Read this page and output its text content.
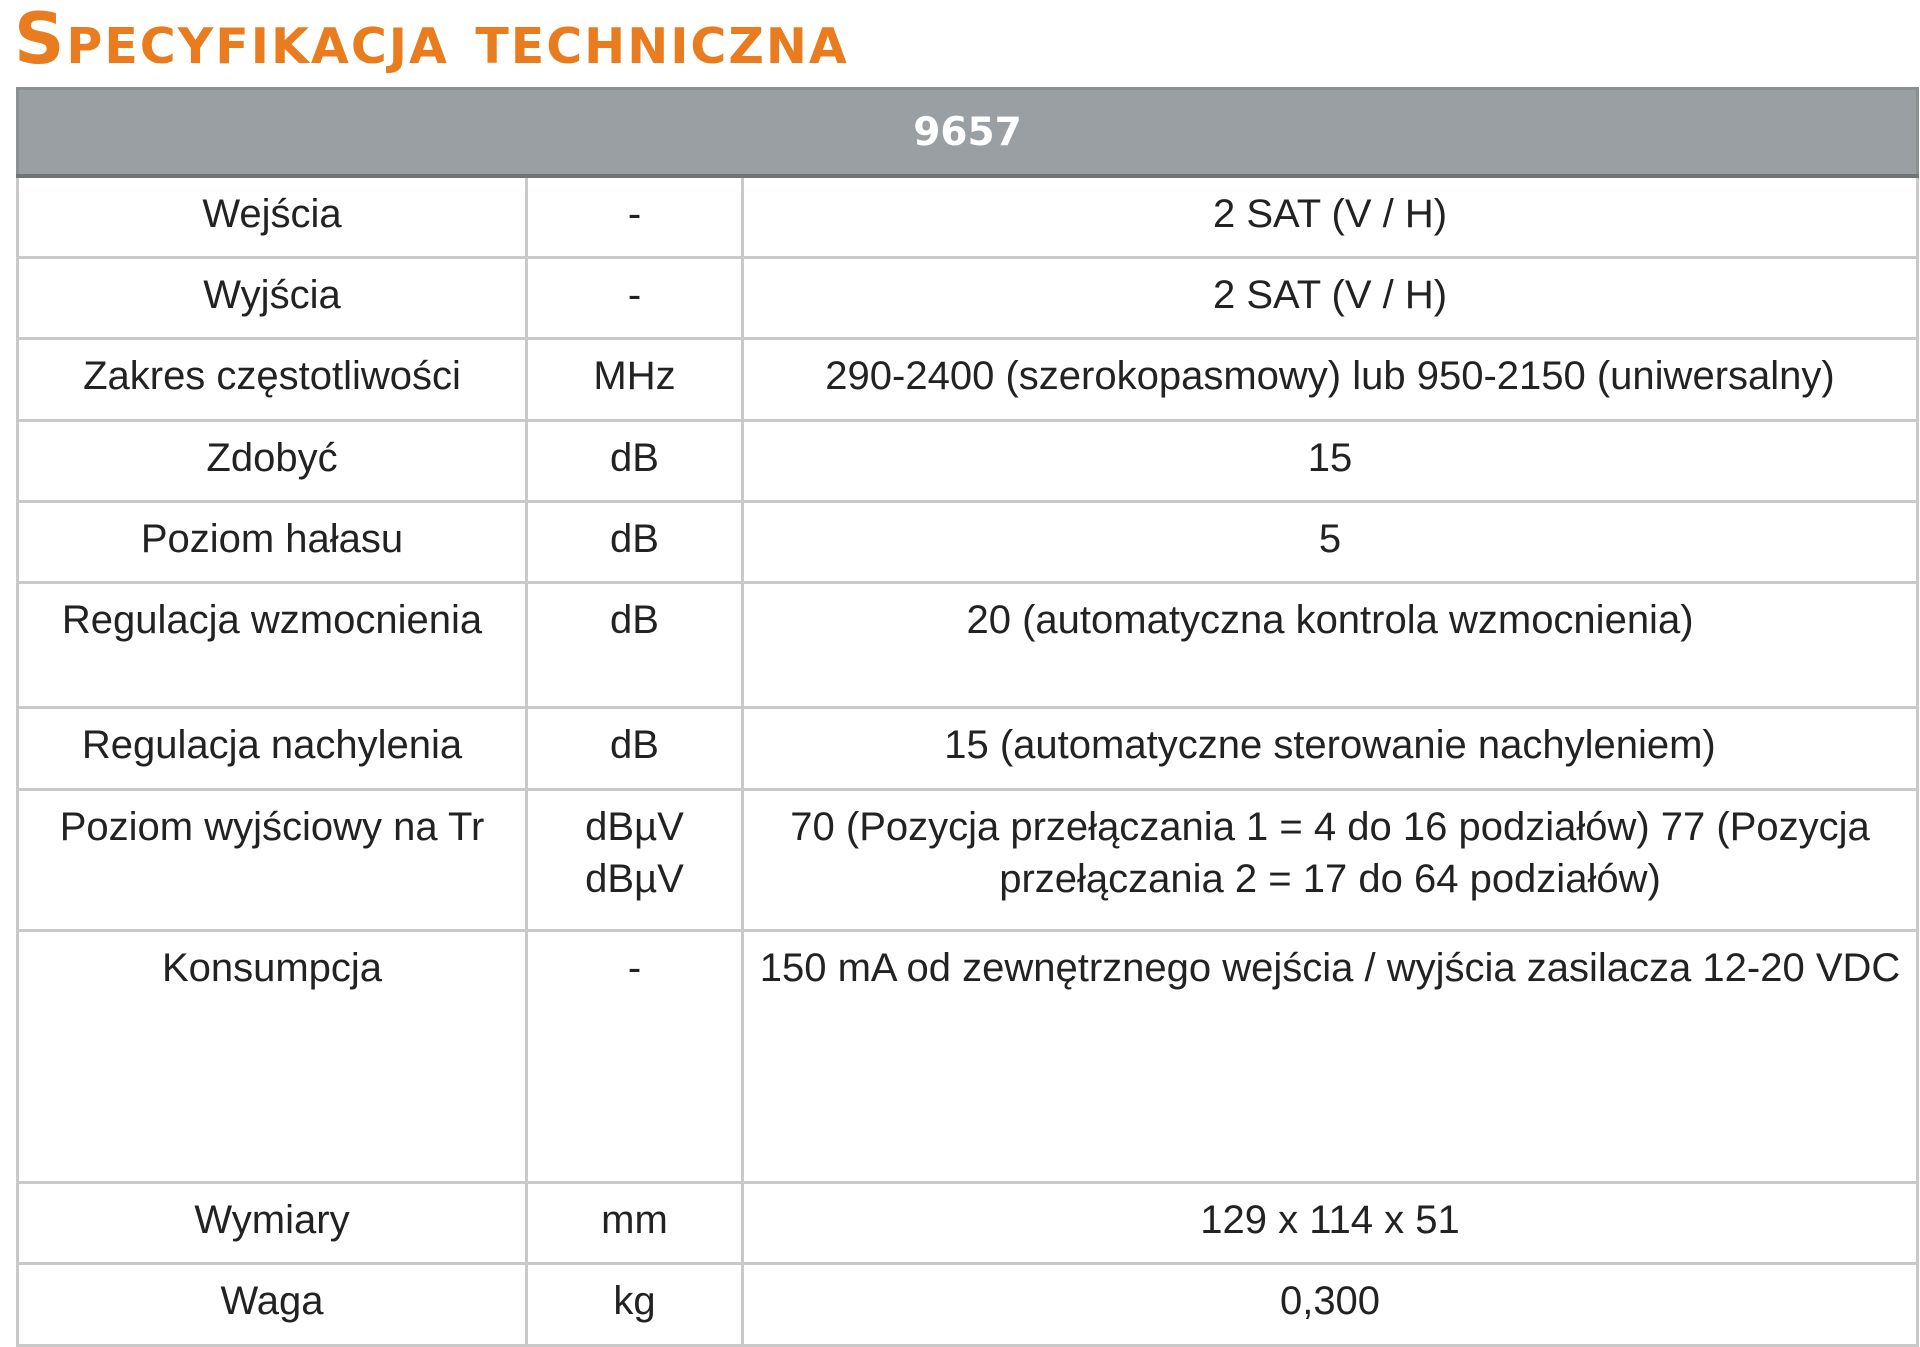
Specyfikacja techniczna
9657		
Wejścia	-	2 SAT (V / H)
Wyjścia	-	2 SAT (V / H)
Zakres częstotliwości	MHz	290-2400 (szerokopasmowy) lub 950-2150 (uniwersalny)
Zdobyć	dB	15
Poziom hałasu	dB	5
Regulacja wzmocnienia	dB	20 (automatyczna kontrola wzmocnienia)
Regulacja nachylenia	dB	15 (automatyczne sterowanie nachyleniem)
Poziom wyjściowy na Tr	dBµV dBµV	70 (Pozycja przełączania 1 = 4 do 16 podziałów) 77 (Pozycja przełączania 2 = 17 do 64 podziałów)
Konsumpcja	-	150 mA od zewnętrznego wejścia / wyjścia zasilacza 12-20 VDC
Wymiary	mm	129 x 114 x 51
Waga	kg	0,300
